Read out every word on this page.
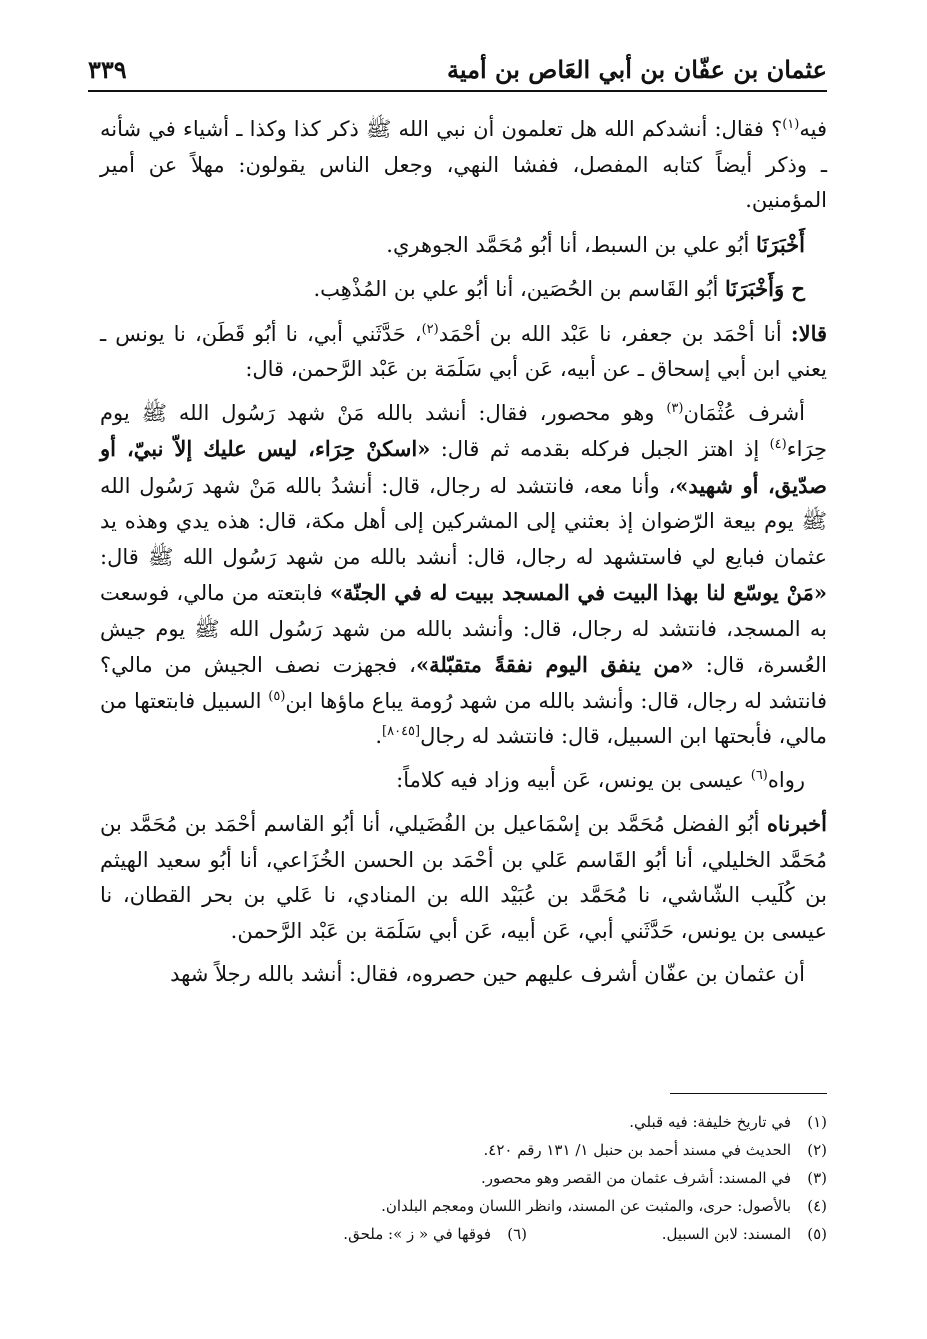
عثمان بن عفّان بن أبي العَاص بن أمية
٣٣٩

فيه$^{(١)}$؟ فقال: أنشدكم الله هل تعلمون أن نبي الله ﷺ ذكر كذا وكذا ـ أشياء في شأنه ـ وذكر أيضاً كتابه المفصل، ففشا النهي، وجعل الناس يقولون: مهلاً عن أمير المؤمنين.

أَخْبَرَنَا أبُو علي بن السبط، أنا أبُو مُحَمَّد الجوهري.

ح وَأَخْبَرَنَا أبُو القَاسم بن الحُصَين، أنا أبُو علي بن المُذْهِب.

قالا: أنا أحْمَد بن جعفر، نا عَبْد الله بن أحْمَد$^{(٢)}$، حَدَّثَني أبي، نا أبُو قَطَن، نا يونس ـ يعني ابن أبي إسحاق ـ عن أبيه، عَن أبي سَلَمَة بن عَبْد الرَّحمن، قال:

أشرف عُثْمَان$^{(٣)}$ وهو محصور، فقال: أنشد بالله مَنْ شهد رَسُول الله ﷺ يوم حِرَاء$^{(٤)}$ إذ اهتز الجبل فركله بقدمه ثم قال: «اسكنْ حِرَاء، ليس عليك إلاّ نبيّ، أو صدّيق، أو شهيد»، وأنا معه، فانتشد له رجال، قال: أنشدُ بالله مَنْ شهد رَسُول الله ﷺ يوم بيعة الرّضوان إذ بعثني إلى المشركين إلى أهل مكة، قال: هذه يدي وهذه يد عثمان فبايع لي فاستشهد له رجال، قال: أنشد بالله من شهد رَسُول الله ﷺ قال: «مَنْ يوسّع لنا بهذا البيت في المسجد ببيت له في الجنّة» فابتعته من مالي، فوسعت به المسجد، فانتشد له رجال، قال: وأنشد بالله من شهد رَسُول الله ﷺ يوم جيش العُسرة، قال: «من ينفق اليوم نفقةً متقبّلة»، فجهزت نصف الجيش من مالي؟ فانتشد له رجال، قال: وأنشد بالله من شهد رُومة يباع ماؤها ابن$^{(٥)}$ السبيل فابتعتها من مالي، فأبحتها ابن السبيل، قال: فانتشد له رجال[٨٠٤٥].

رواه$^{(٦)}$ عيسى بن يونس، عَن أبيه وزاد فيه كلاماً:

أخبرناه أبُو الفضل مُحَمَّد بن إسْمَاعيل بن الفُضَيلي، أنا أبُو القاسم أحْمَد بن مُحَمَّد بن مُحَمَّد الخليلي، أنا أبُو القَاسم عَلي بن أحْمَد بن الحسن الخُزَاعي، أنا أبُو سعيد الهيثم بن كُلَيب الشّاشي، نا مُحَمَّد بن عُبَيْد الله بن المنادي، نا عَلي بن بحر القطان، نا عيسى بن يونس، حَدَّثَني أبي، عَن أبيه، عَن أبي سَلَمَة بن عَبْد الرَّحمن.

أن عثمان بن عفّان أشرف عليهم حين حصروه، فقال: أنشد بالله رجلاً شهد

(١)
في تاريخ خليفة: فيه قبلي.
(٢)
الحديث في مسند أحمد بن حنبل ١/ ١٣١ رقم ٤٢٠.
(٣)
في المسند: أشرف عثمان من القصر وهو محصور.
(٤)
بالأصول: حرى، والمثبت عن المسند، وانظر اللسان ومعجم البلدان.
(٥)
المسند: لابن السبيل.
(٦)
فوقها في « ز »: ملحق.
